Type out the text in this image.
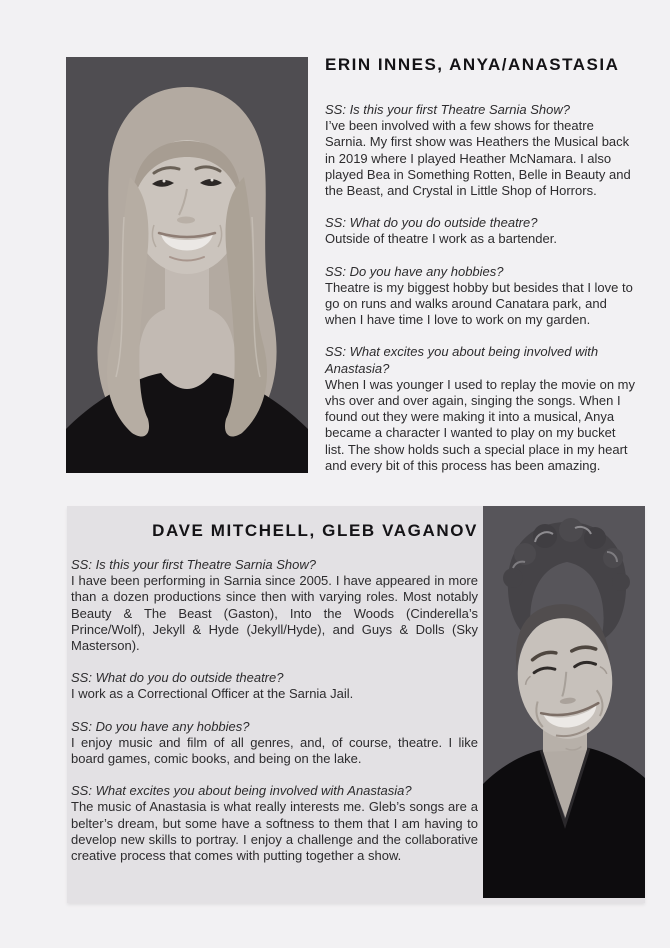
ERIN INNES, ANYA/ANASTASIA

SS: Is this your first Theatre Sarnia Show?

I’ve been involved with a few shows for theatre Sarnia. My first show was Heathers the Musical back in 2019 where I played Heather McNamara. I also played Bea in Something Rotten, Belle in Beauty and the Beast, and Crystal in Little Shop of Horrors.

SS: What do you do outside theatre?

Outside of theatre I work as a bartender.

SS: Do you have any hobbies?

Theatre is my biggest hobby but besides that I love to go on runs and walks around Canatara park, and when I have time I love to work on my garden.

SS: What excites you about being involved with Anastasia?

When I was younger I used to replay the movie on my vhs over and over again, singing the songs. When I found out they were making it into a musical, Anya became a character I wanted to play on my bucket list. The show holds such a special place in my heart and every bit of this process has been amazing.

DAVE MITCHELL, GLEB VAGANOV

SS: Is this your first Theatre Sarnia Show?

I have been performing in Sarnia since 2005. I have appeared in more than a dozen productions since then with varying roles. Most notably Beauty & The Beast (Gaston), Into the Woods (Cinderella’s Prince/Wolf), Jekyll & Hyde (Jekyll/Hyde), and Guys & Dolls (Sky Masterson).

SS: What do you do outside theatre?

I work as a Correctional Officer at the Sarnia Jail.

SS: Do you have any hobbies?

I enjoy music and film of all genres, and, of course, theatre. I like board games, comic books, and being on the lake.

SS: What excites you about being involved with Anastasia?

The music of Anastasia is what really interests me. Gleb’s songs are a belter’s dream, but some have a softness to them that I am having to develop new skills to portray. I enjoy a challenge and the collaborative creative process that comes with putting together a show.
